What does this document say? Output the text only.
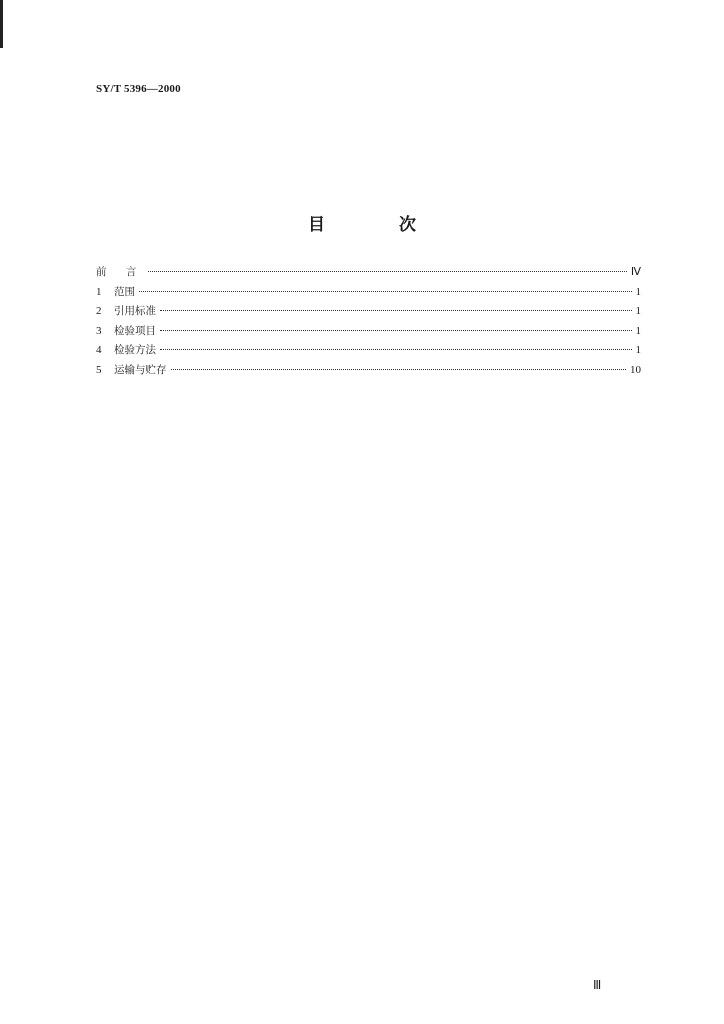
SY/T 5396—2000
目 次
前 言	Ⅳ
1	范围	1
2	引用标准	1
3	检验项目	1
4	检验方法	1
5	运输与贮存	10
Ⅲ
